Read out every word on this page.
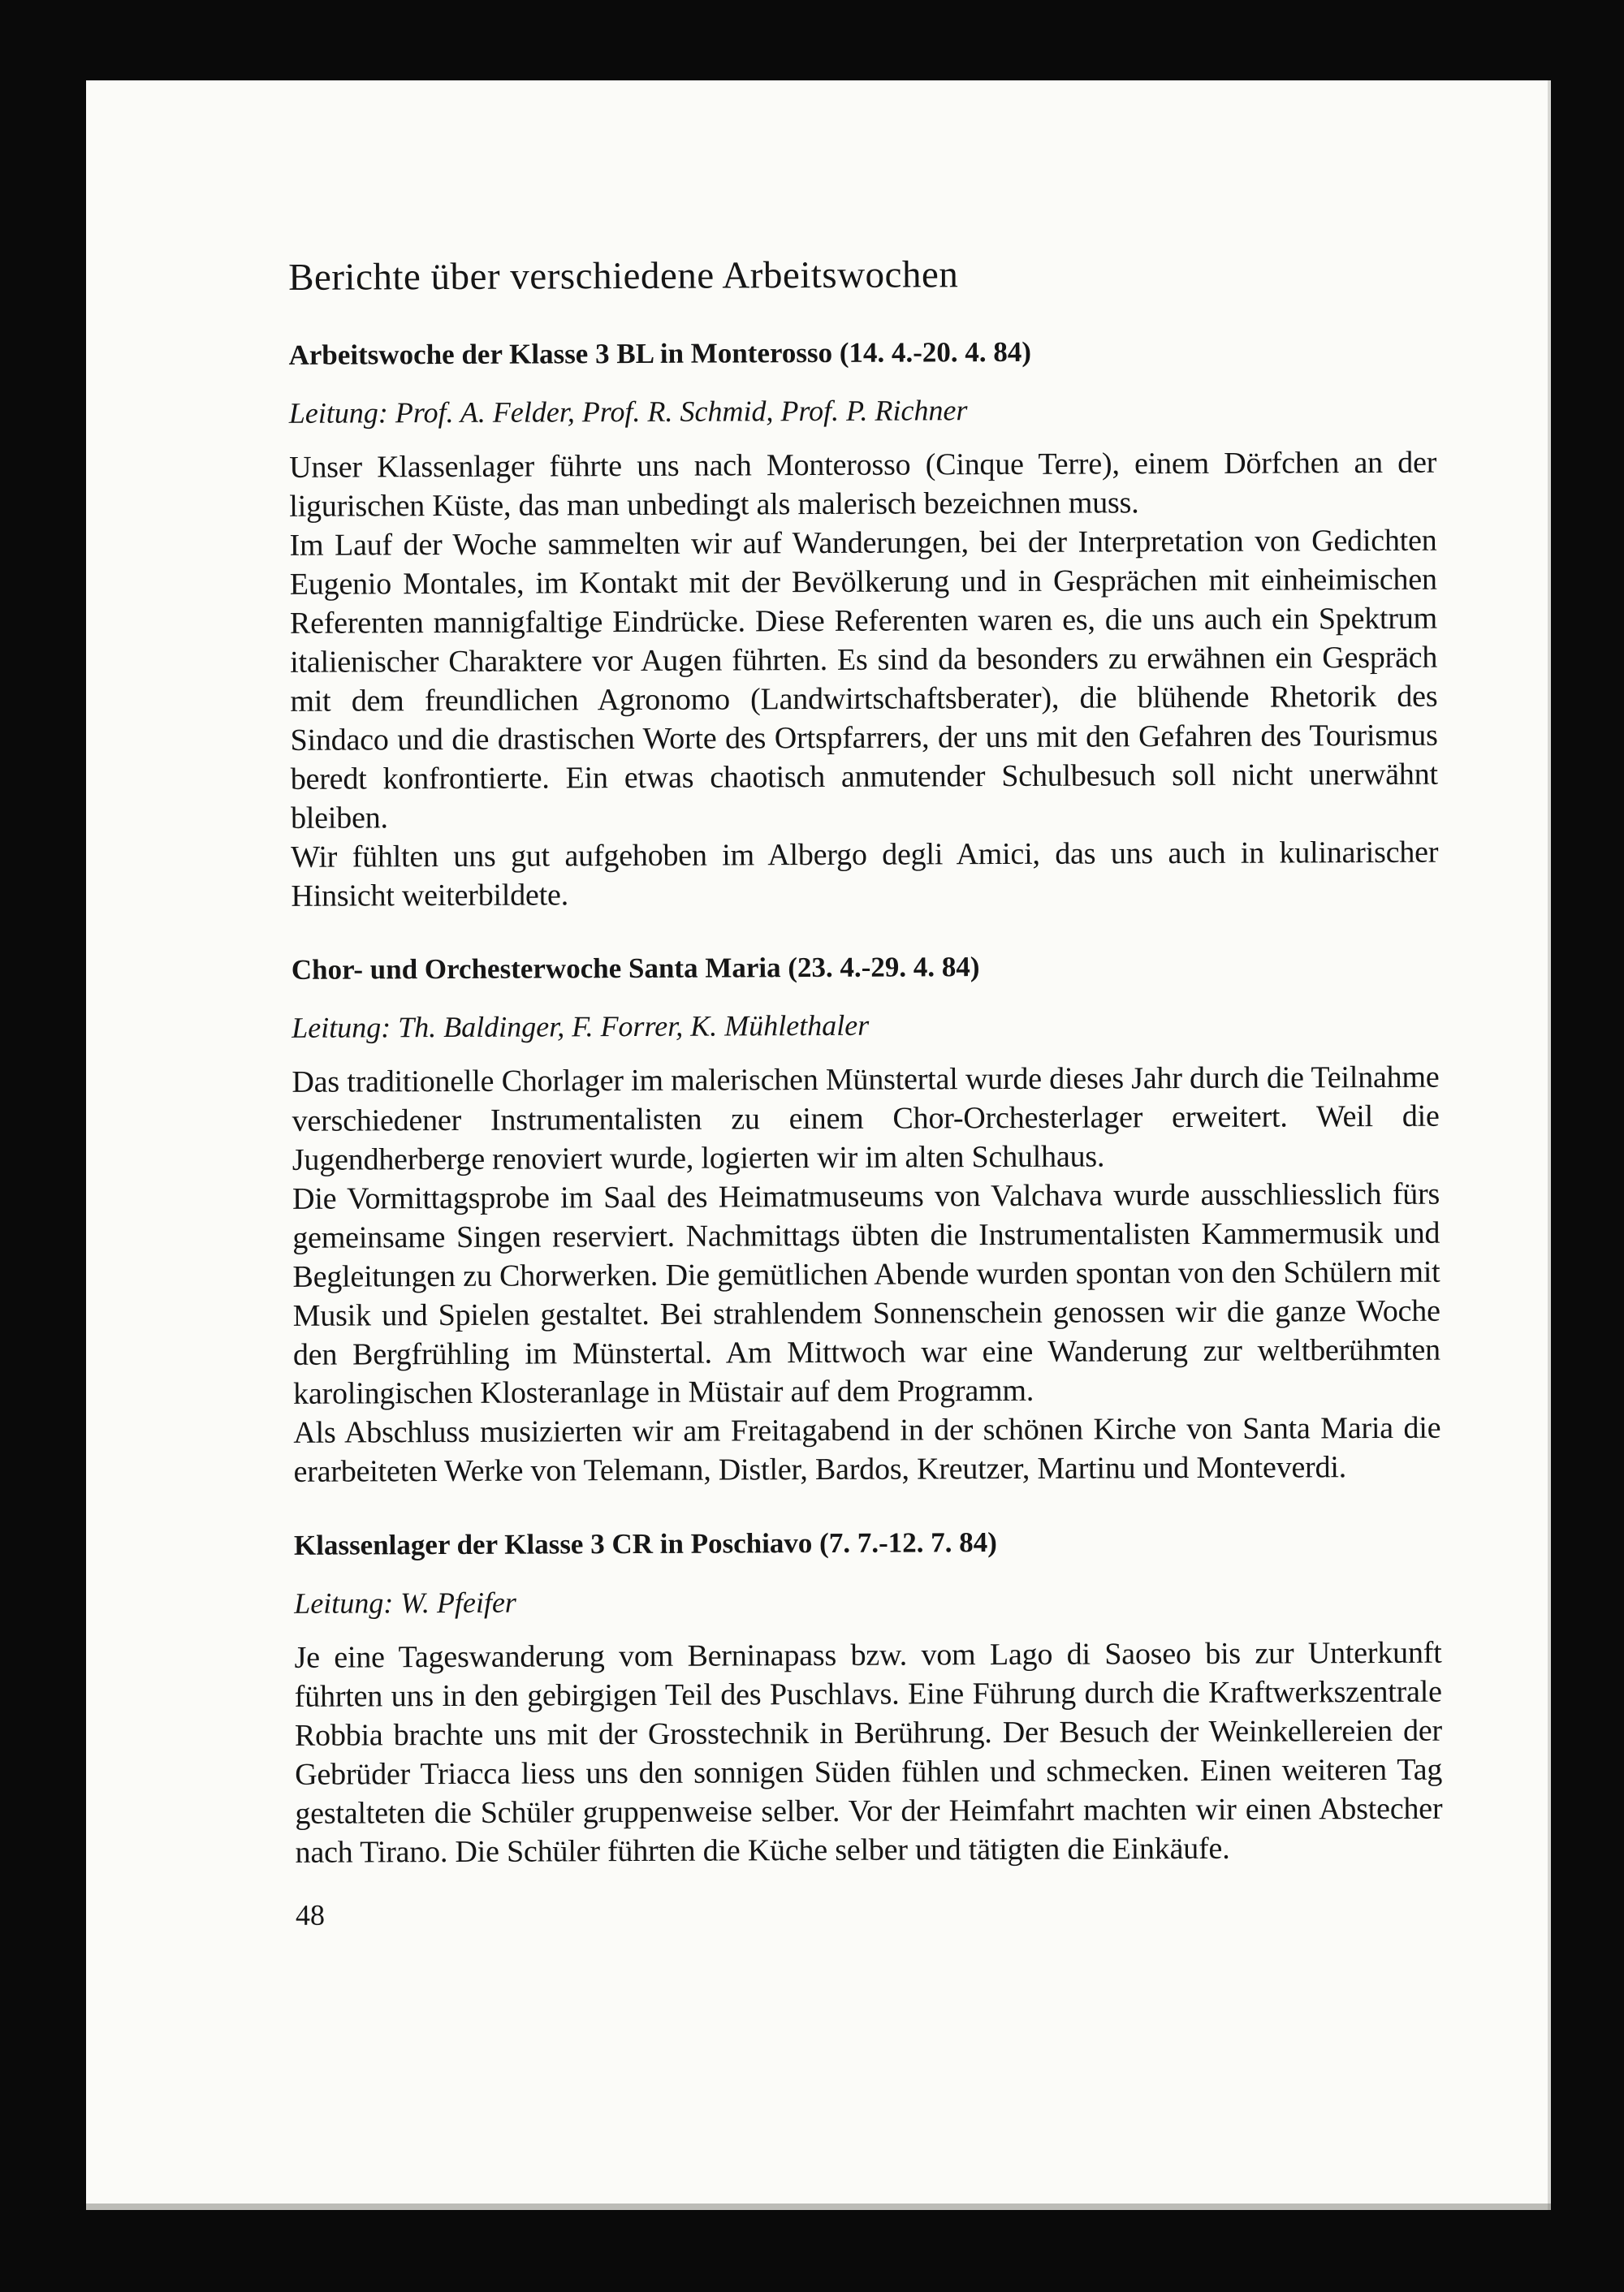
Berichte über verschiedene Arbeitswochen
Arbeitswoche der Klasse 3 BL in Monterosso (14. 4.-20. 4. 84)

Leitung: Prof. A. Felder, Prof. R. Schmid, Prof. P. Richner

Unser Klassenlager führte uns nach Monterosso (Cinque Terre), einem Dörfchen an der ligurischen Küste, das man unbedingt als malerisch bezeichnen muss.

Im Lauf der Woche sammelten wir auf Wanderungen, bei der Interpretation von Gedichten Eugenio Montales, im Kontakt mit der Bevölkerung und in Gesprächen mit einheimischen Referenten mannigfaltige Eindrücke. Diese Referenten waren es, die uns auch ein Spektrum italienischer Charaktere vor Augen führten. Es sind da besonders zu erwähnen ein Gespräch mit dem freundlichen Agronomo (Landwirtschaftsberater), die blühende Rhetorik des Sindaco und die drastischen Worte des Ortspfarrers, der uns mit den Gefahren des Tourismus beredt konfrontierte. Ein etwas chaotisch anmutender Schulbesuch soll nicht unerwähnt bleiben.

Wir fühlten uns gut aufgehoben im Albergo degli Amici, das uns auch in kulinarischer Hinsicht weiterbildete.

Chor- und Orchesterwoche Santa Maria (23. 4.-29. 4. 84)

Leitung: Th. Baldinger, F. Forrer, K. Mühlethaler

Das traditionelle Chorlager im malerischen Münstertal wurde dieses Jahr durch die Teilnahme verschiedener Instrumentalisten zu einem Chor-Orchesterlager erweitert. Weil die Jugendherberge renoviert wurde, logierten wir im alten Schulhaus.

Die Vormittagsprobe im Saal des Heimatmuseums von Valchava wurde ausschliesslich fürs gemeinsame Singen reserviert. Nachmittags übten die Instrumentalisten Kammermusik und Begleitungen zu Chorwerken. Die gemütlichen Abende wurden spontan von den Schülern mit Musik und Spielen gestaltet. Bei strahlendem Sonnenschein genossen wir die ganze Woche den Bergfrühling im Münstertal. Am Mittwoch war eine Wanderung zur weltberühmten karolingischen Klosteranlage in Müstair auf dem Programm.

Als Abschluss musizierten wir am Freitagabend in der schönen Kirche von Santa Maria die erarbeiteten Werke von Telemann, Distler, Bardos, Kreutzer, Martinu und Monteverdi.

Klassenlager der Klasse 3 CR in Poschiavo (7. 7.-12. 7. 84)

Leitung: W. Pfeifer

Je eine Tageswanderung vom Berninapass bzw. vom Lago di Saoseo bis zur Unterkunft führten uns in den gebirgigen Teil des Puschlavs. Eine Führung durch die Kraftwerkszentrale Robbia brachte uns mit der Grosstechnik in Berührung. Der Besuch der Weinkellereien der Gebrüder Triacca liess uns den sonnigen Süden fühlen und schmecken. Einen weiteren Tag gestalteten die Schüler gruppenweise selber. Vor der Heimfahrt machten wir einen Abstecher nach Tirano. Die Schüler führten die Küche selber und tätigten die Einkäufe.

48
